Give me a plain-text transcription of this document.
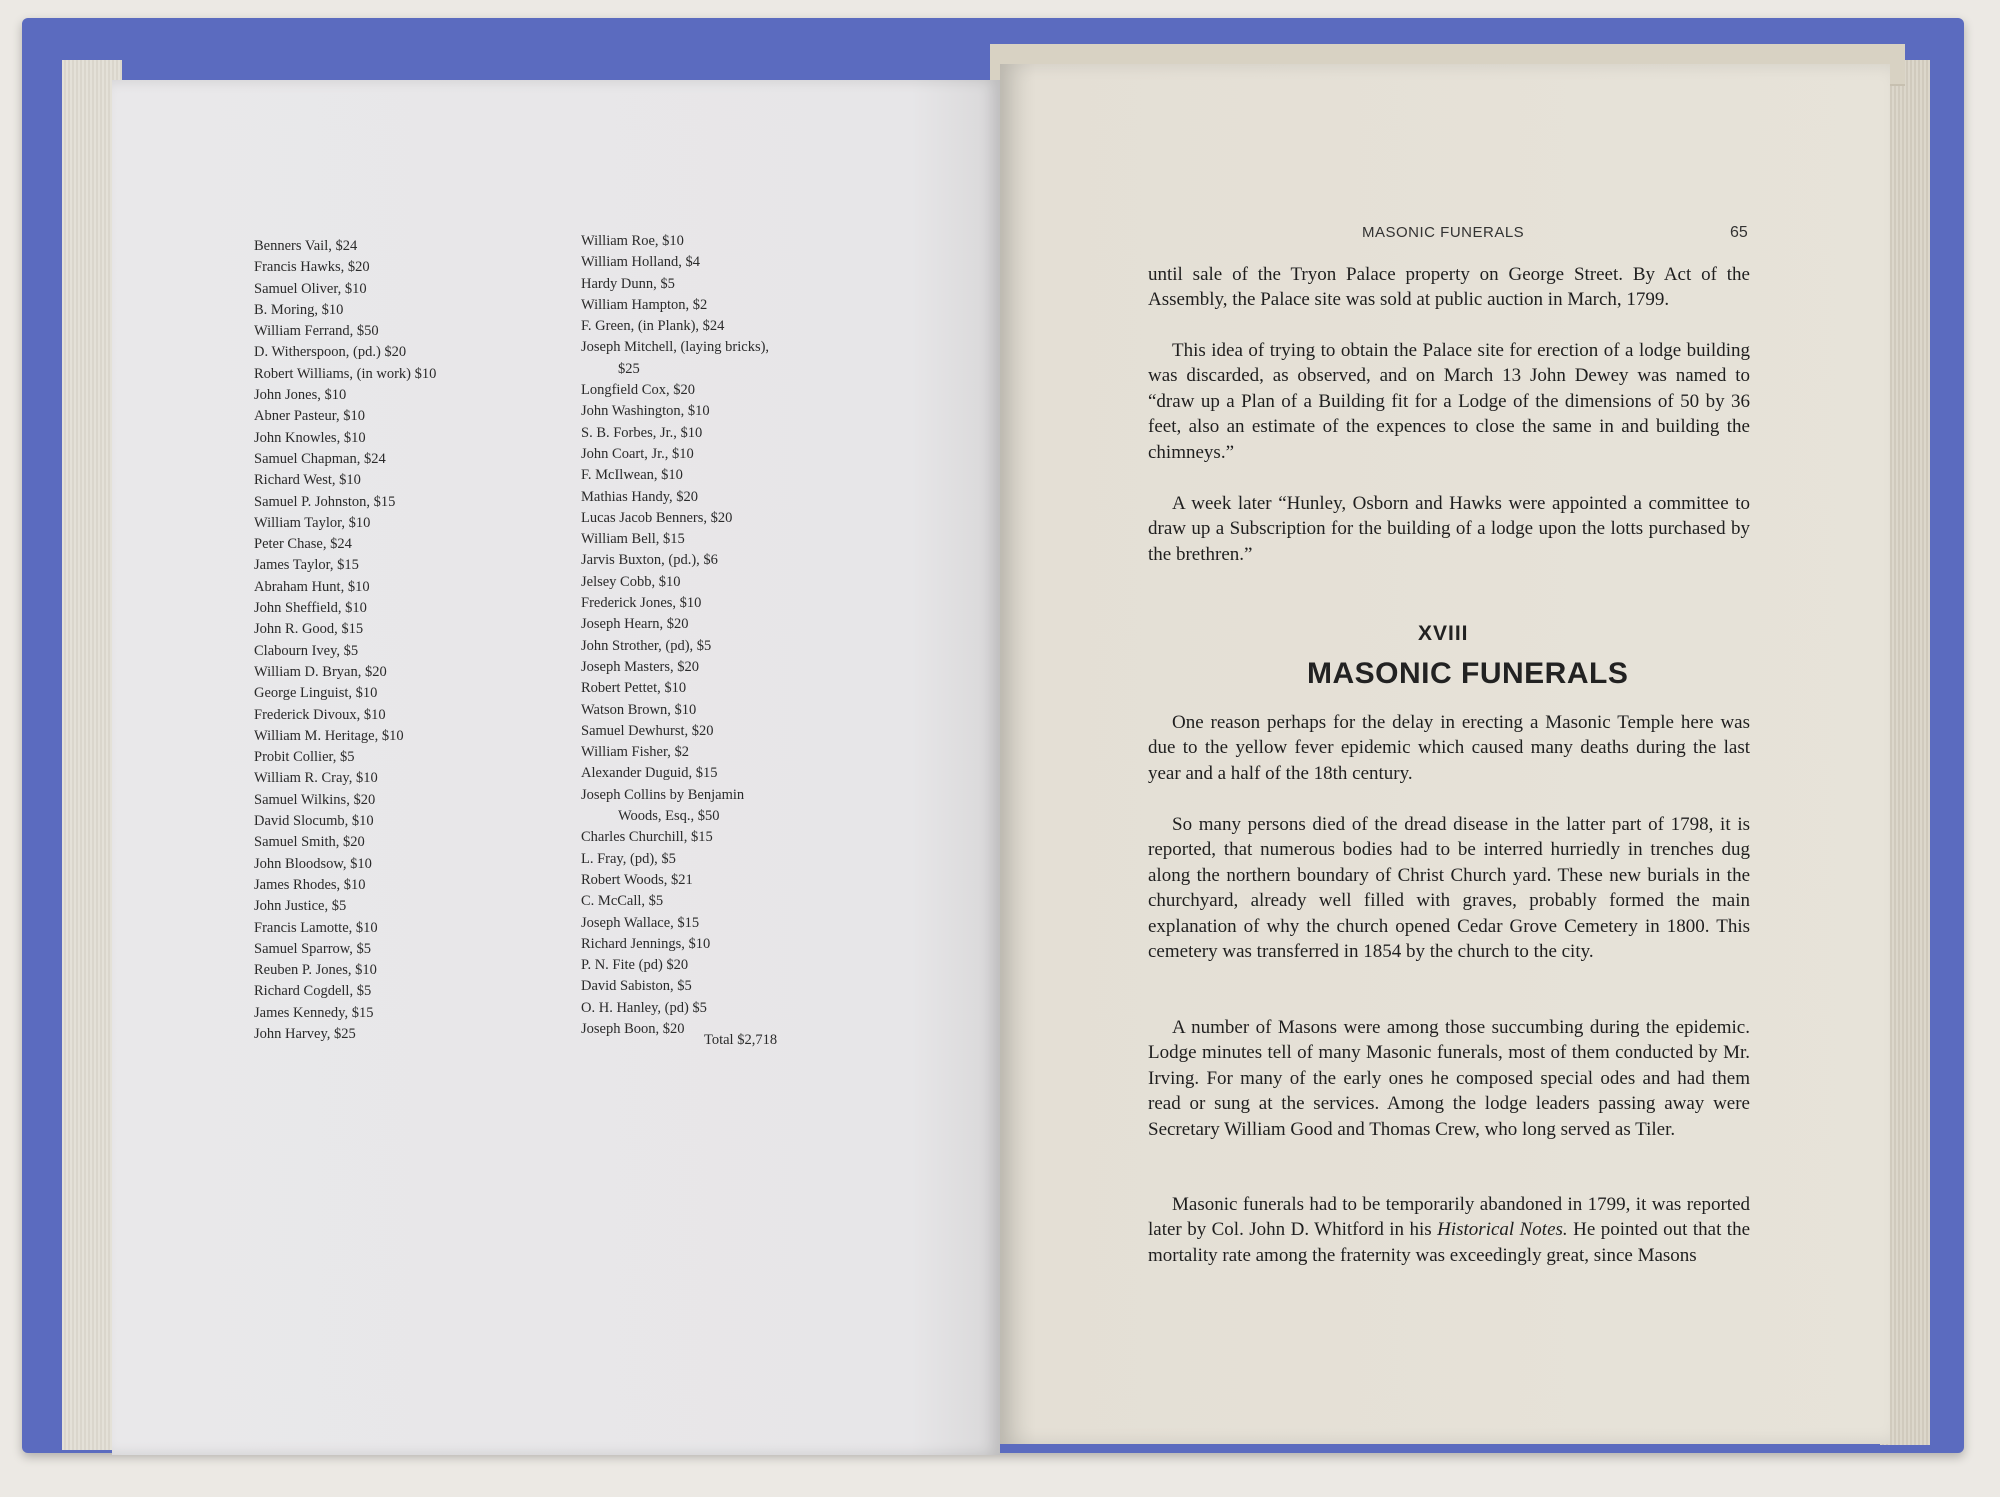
Benners Vail, $24
Francis Hawks, $20
Samuel Oliver, $10
B. Moring, $10
William Ferrand, $50
D. Witherspoon, (pd.) $20
Robert Williams, (in work) $10
John Jones, $10
Abner Pasteur, $10
John Knowles, $10
Samuel Chapman, $24
Richard West, $10
Samuel P. Johnston, $15
William Taylor, $10
Peter Chase, $24
James Taylor, $15
Abraham Hunt, $10
John Sheffield, $10
John R. Good, $15
Clabourn Ivey, $5
William D. Bryan, $20
George Linguist, $10
Frederick Divoux, $10
William M. Heritage, $10
Probit Collier, $5
William R. Cray, $10
Samuel Wilkins, $20
David Slocumb, $10
Samuel Smith, $20
John Bloodsow, $10
James Rhodes, $10
John Justice, $5
Francis Lamotte, $10
Samuel Sparrow, $5
Reuben P. Jones, $10
Richard Cogdell, $5
James Kennedy, $15
John Harvey, $25
William Roe, $10
William Holland, $4
Hardy Dunn, $5
William Hampton, $2
F. Green, (in Plank), $24
Joseph Mitchell, (laying bricks),
$25
Longfield Cox, $20
John Washington, $10
S. B. Forbes, Jr., $10
John Coart, Jr., $10
F. McIlwean, $10
Mathias Handy, $20
Lucas Jacob Benners, $20
William Bell, $15
Jarvis Buxton, (pd.), $6
Jelsey Cobb, $10
Frederick Jones, $10
Joseph Hearn, $20
John Strother, (pd), $5
Joseph Masters, $20
Robert Pettet, $10
Watson Brown, $10
Samuel Dewhurst, $20
William Fisher, $2
Alexander Duguid, $15
Joseph Collins by Benjamin
Woods, Esq., $50
Charles Churchill, $15
L. Fray, (pd), $5
Robert Woods, $21
C. McCall, $5
Joseph Wallace, $15
Richard Jennings, $10
P. N. Fite (pd) $20
David Sabiston, $5
O. H. Hanley, (pd) $5
Joseph Boon, $20
Total $2,718
MASONIC FUNERALS	65

until sale of the Tryon Palace property on George Street. By Act of the Assembly, the Palace site was sold at public auction in March, 1799.

This idea of trying to obtain the Palace site for erection of a lodge building was discarded, as observed, and on March 13 John Dewey was named to “draw up a Plan of a Building fit for a Lodge of the dimensions of 50 by 36 feet, also an estimate of the expences to close the same in and building the chimneys.”

A week later “Hunley, Osborn and Hawks were appointed a committee to draw up a Subscription for the building of a lodge upon the lotts purchased by the brethren.”

XVIII
MASONIC FUNERALS

One reason perhaps for the delay in erecting a Masonic Temple here was due to the yellow fever epidemic which caused many deaths during the last year and a half of the 18th century.

So many persons died of the dread disease in the latter part of 1798, it is reported, that numerous bodies had to be interred hurriedly in trenches dug along the northern boundary of Christ Church yard. These new burials in the churchyard, already well filled with graves, probably formed the main explanation of why the church opened Cedar Grove Cemetery in 1800. This cemetery was transferred in 1854 by the church to the city.

A number of Masons were among those succumbing during the epidemic. Lodge minutes tell of many Masonic funerals, most of them conducted by Mr. Irving. For many of the early ones he composed special odes and had them read or sung at the services. Among the lodge leaders passing away were Secretary William Good and Thomas Crew, who long served as Tiler.

Masonic funerals had to be temporarily abandoned in 1799, it was reported later by Col. John D. Whitford in his Historical Notes. He pointed out that the mortality rate among the fraternity was exceedingly great, since Masons
